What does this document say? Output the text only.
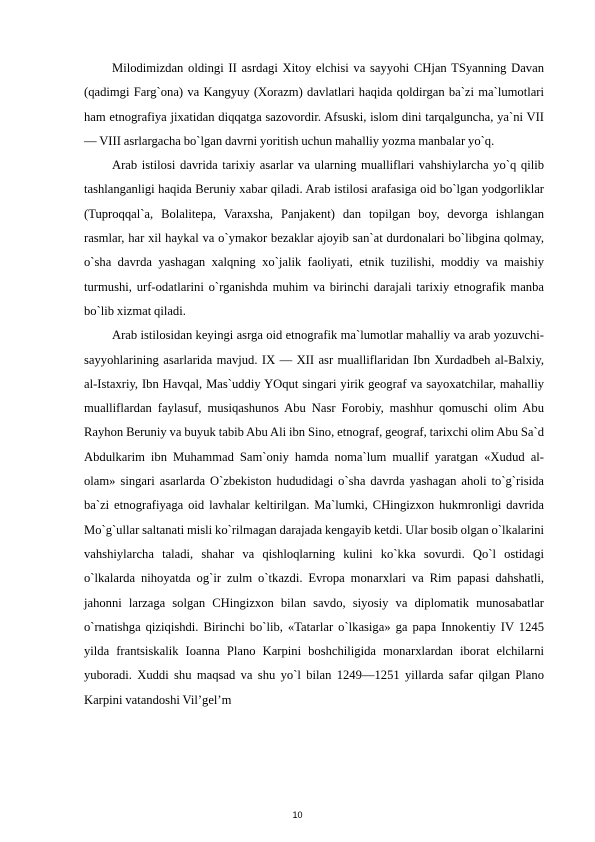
Milodimizdan oldingi II asrdagi Xitoy elchisi va sayyohi CHjan TSyanning Davan (qadimgi Farg`ona) va Kangyuy (Xorazm) davlatlari haqida qoldirgan ba`zi ma`lumotlari ham etnografiya jixatidan diqqatga sazovordir. Afsuski, islom dini tarqalguncha, ya`ni VII — VIII asrlargacha bo`lgan davrni yoritish uchun mahalliy yozma manbalar yo`q.

Arab istilosi davrida tarixiy asarlar va ularning mualliflari vahshiylarcha yo`q qilib tashlanganligi haqida Beruniy xabar qiladi. Arab istilosi arafasiga oid bo`lgan yodgorliklar (Tuproqqal`a, Bolalitepa, Varaxsha, Panjakent) dan topilgan boy, devorga ishlangan rasmlar, har xil haykal va o`ymakor bezaklar ajoyib san`at durdonalari bo`libgina qolmay, o`sha davrda yashagan xalqning xo`jalik faoliyati, etnik tuzilishi, moddiy va maishiy turmushi, urf-odatlarini o`rganishda muhim va birinchi darajali tarixiy etnografik manba bo`lib xizmat qiladi.

Arab istilosidan keyingi asrga oid etnografik ma`lumotlar mahalliy va arab yozuvchi-sayyohlarining asarlarida mavjud. IX — XII asr mualliflaridan Ibn Xurdadbeh al-Balxiy, al-Istaxriy, Ibn Havqal, Mas`uddiy YOqut singari yirik geograf va sayoxatchilar, mahalliy mualliflardan faylasuf, musiqashunos Abu Nasr Forobiy, mashhur qomuschi olim Abu Rayhon Beruniy va buyuk tabib Abu Ali ibn Sino, etnograf, geograf, tarixchi olim Abu Sa`d Abdulkarim ibn Muhammad Sam`oniy hamda noma`lum muallif yaratgan «Xudud al-olam» singari asarlarda O`zbekiston hududidagi o`sha davrda yashagan aholi to`g`risida ba`zi etnografiyaga oid lavhalar keltirilgan. Ma`lumki, CHingizxon hukmronligi davrida Mo`g`ullar saltanati misli ko`rilmagan darajada kengayib ketdi. Ular bosib olgan o`lkalarini vahshiylarcha taladi, shahar va qishloqlarning kulini ko`kka sovurdi. Qo`l ostidagi o`lkalarda nihoyatda og`ir zulm o`tkazdi. Evropa monarxlari va Rim papasi dahshatli, jahonni larzaga solgan CHingizxon bilan savdo, siyosiy va diplomatik munosabatlar o`rnatishga qiziqishdi. Birinchi bo`lib, «Tatarlar o`lkasiga» ga papa Innokentiy IV 1245 yilda frantsiskalik Ioanna Plano Karpini boshchiligida monarxlardan iborat elchilarni yuboradi. Xuddi shu maqsad va shu yo`l bilan 1249—1251 yillarda safar qilgan Plano Karpini vatandoshi Vil’gel’m

10
